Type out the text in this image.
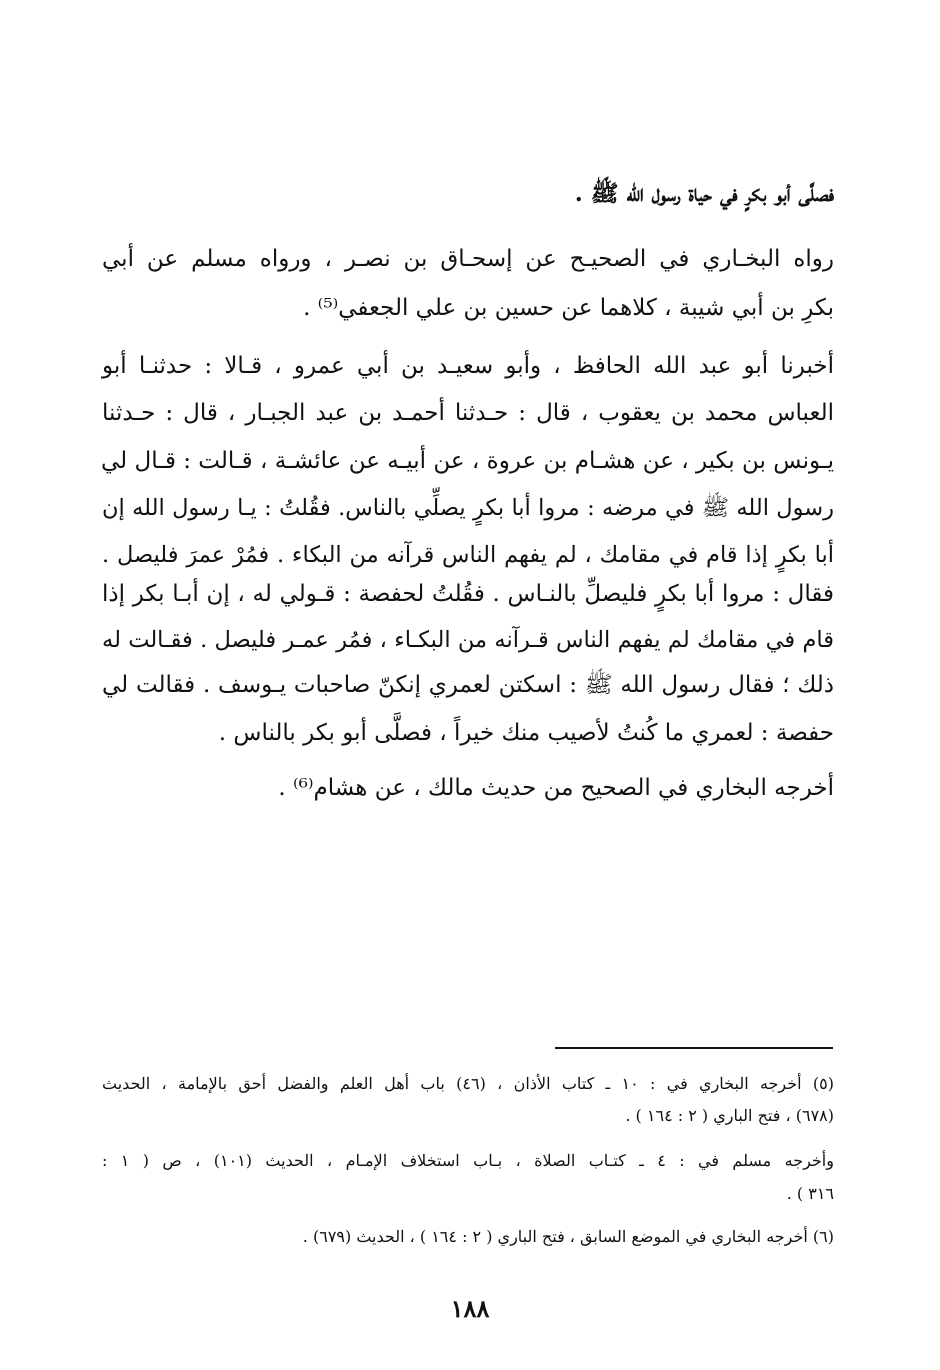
فصلَّى أبو بكرٍ في حياة رسول الله ﷺ .
رواه البخـاري في الصحيـح عن إسحـاق بن نصـر ، ورواه مسلم عن أبي
بكرِ بن أبي شيبة ، كلاهما عن حسين بن علي الجعفي⁽⁵⁾ .
أخبرنا أبو عبد الله الحافظ ، وأبو سعيـد بن أبي عمرو ، قـالا : حدثنـا أبو
العباس محمد بن يعقوب ، قال : حـدثنا أحمـد بن عبد الجبـار ، قال : حـدثنا
يـونس بن بكير ، عن هشـام بن عروة ، عن أبيـه عن عائشـة ، قـالت : قـال لي
رسول الله ﷺ في مرضه : مروا أبا بكرٍ يصلِّي بالناس. فقُلتُ : يـا رسول الله إن
أبا بكرٍ إذا قام في مقامك ، لم يفهم الناس قرآنه من البكاء . فمُرْ عمرَ فليصل .
فقال : مروا أبا بكرٍ فليصلِّ بالنـاس . فقُلتُ لحفصة : قـولي له ، إن أبـا بكر إذا
قام في مقامك لم يفهم الناس قـرآنه من البكـاء ، فمُر عمـر فليصل . فقـالت له
ذلك ؛ فقال رسول الله ﷺ : اسكتن لعمري إنكنّ صاحبات يـوسف . فقالت لي
حفصة : لعمري ما كُنتُ لأصيب منك خيراً ، فصلَّى أبو بكر بالناس .
أخرجه البخاري في الصحيح من حديث مالك ، عن هشام⁽⁶⁾ .
(٥) أخرجه البخاري في : ١٠ ـ كتاب الأذان ، (٤٦) باب أهل العلم والفضل أحق بالإمامة ، الحديث
(٦٧٨) ، فتح الباري ( ٢ : ١٦٤ ) .
وأخرجه مسلم في : ٤ ـ كتـاب الصلاة ، بـاب استخلاف الإمـام ، الحديث (١٠١) ، ص ( ١ :
٣١٦ ) .
(٦) أخرجه البخاري في الموضع السابق ، فتح الباري ( ٢ : ١٦٤ ) ، الحديث (٦٧٩) .
١٨٨
